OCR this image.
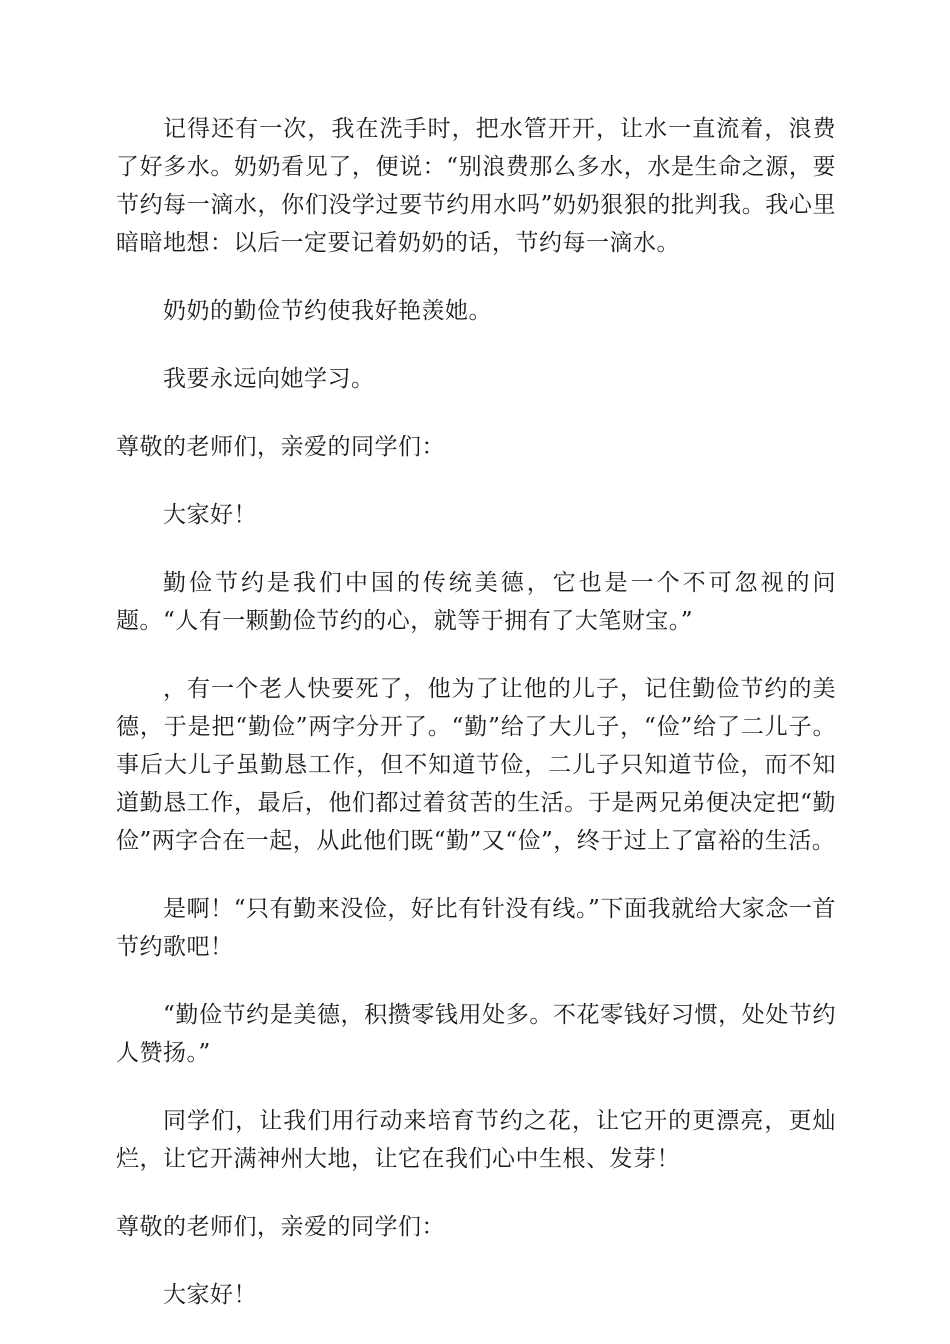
记得还有一次，我在洗手时，把水管开开，让水一直流着，浪费了好多水。奶奶看见了，便说：“别浪费那么多水，水是生命之源，要节约每一滴水，你们没学过要节约用水吗”奶奶狠狠的批判我。我心里暗暗地想：以后一定要记着奶奶的话，节约每一滴水。

奶奶的勤俭节约使我好艳羡她。

我要永远向她学习。

尊敬的老师们，亲爱的同学们：

大家好！

勤俭节约是我们中国的传统美德，它也是一个不可忽视的问题。“人有一颗勤俭节约的心，就等于拥有了大笔财宝。”

，有一个老人快要死了，他为了让他的儿子，记住勤俭节约的美德，于是把“勤俭”两字分开了。“勤”给了大儿子，“俭”给了二儿子。事后大儿子虽勤恳工作，但不知道节俭，二儿子只知道节俭，而不知道勤恳工作，最后，他们都过着贫苦的生活。于是两兄弟便决定把“勤俭”两字合在一起，从此他们既“勤”又“俭”，终于过上了富裕的生活。

是啊！“只有勤来没俭，好比有针没有线。”下面我就给大家念一首节约歌吧！

“勤俭节约是美德，积攒零钱用处多。不花零钱好习惯，处处节约人赞扬。”

同学们，让我们用行动来培育节约之花，让它开的更漂亮，更灿烂，让它开满神州大地，让它在我们心中生根、发芽！

尊敬的老师们，亲爱的同学们：

大家好！
